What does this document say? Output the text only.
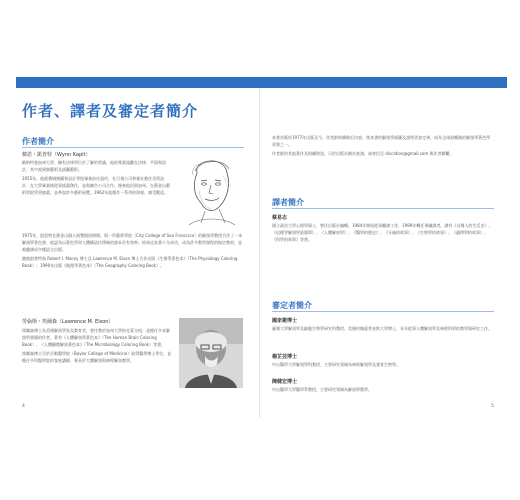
作者、譯者及審定者簡介
作者簡介
韓恩・凱普特（Wynn Kapit）

歐納特曼加州大學，擁有法律學位於了解的智識，他的專業規劃在法律、平面和設計、其中說到開藝術及插圖藝術。

1955年，他從費城繪圖和設計學院畢業前往紐約，在百貨公司和報社擔任美術設計，在大學畢業後從事插畫創作，並與廣告公司合作。後來他回到加州，在舊金山藝術學院學習繪畫，並參加許多藝術展覽。1962年他創作一系列的海報，廣受歡迎。

1975年，凱恩特在舊金山個人展覽開展期間，與一所藝術學院（City College of San Francisco）的解剖學教授合作了一本解剖學著色書，他認為以著色學習人體構造比傳統的課本更有效率。結果這本書十分成功，成為許多教學課程的指定教材，並被翻譯成多種語言出版。

隨後凱普特與 Robert I. Macey 博士及 Lawrence M. Elson 博士合作出版《生理學著色本》（The Physiology Coloring Book）；1990年出版《地理學著色本》（The Geography Coloring Book）。

勞倫斯・埃爾森（Lawrence M. Elson）

埃爾森博士為美國解剖學家及教育者，曾任教於加州大學柏克萊分校，並擔任多本解剖學書籍的作者。著有《人體解剖學著色本》（The Human Brain Coloring Book）、《人體顯微解剖著色本》（The Microbiology Coloring Book）等書。

埃爾森博士另於貝勒醫學院（Baylor College of Medicine）取得醫學博士學位，並擔任多所醫學院的客座講師，專長於大體解剖與神經解剖教學。

4

本書首版於1977年出版至今，作者群持續修訂內容，使本書的解剖學插圖及說明更加完善，成為全球最暢銷的解剖學著色學習書之一。

作者群的其他著作及相關資訊，可於出版社網站查詢，或寄信至 discation@gmail.com 與作者聯繫。

譯者簡介
蔡易志

國立政治大學心理學碩士，曾任出版社編輯，1984年開始從事翻譯工作，1999年轉任專職譯者。譯有《台灣人的生活史》、《這樣學解剖學最簡單》、《人體解剖學》、《醫學的歷史》、《牙齒的故事》、《生物學的故事》、《遺傳學的故事》、《科學的故事》等書。

審定者簡介
國家衛博士

臺灣大學解剖學及細胞生物學研究所教授，美國約翰霍普金斯大學博士，長年從事人體解剖學及神經科學的教學與研究工作。

楊芷芸博士

中山醫學大學解剖學科教授，主要研究領域為神經解剖學及發育生物學。

陳健宏博士

中山醫學大學醫學系教授，主要研究領域為解剖學教學。

5
